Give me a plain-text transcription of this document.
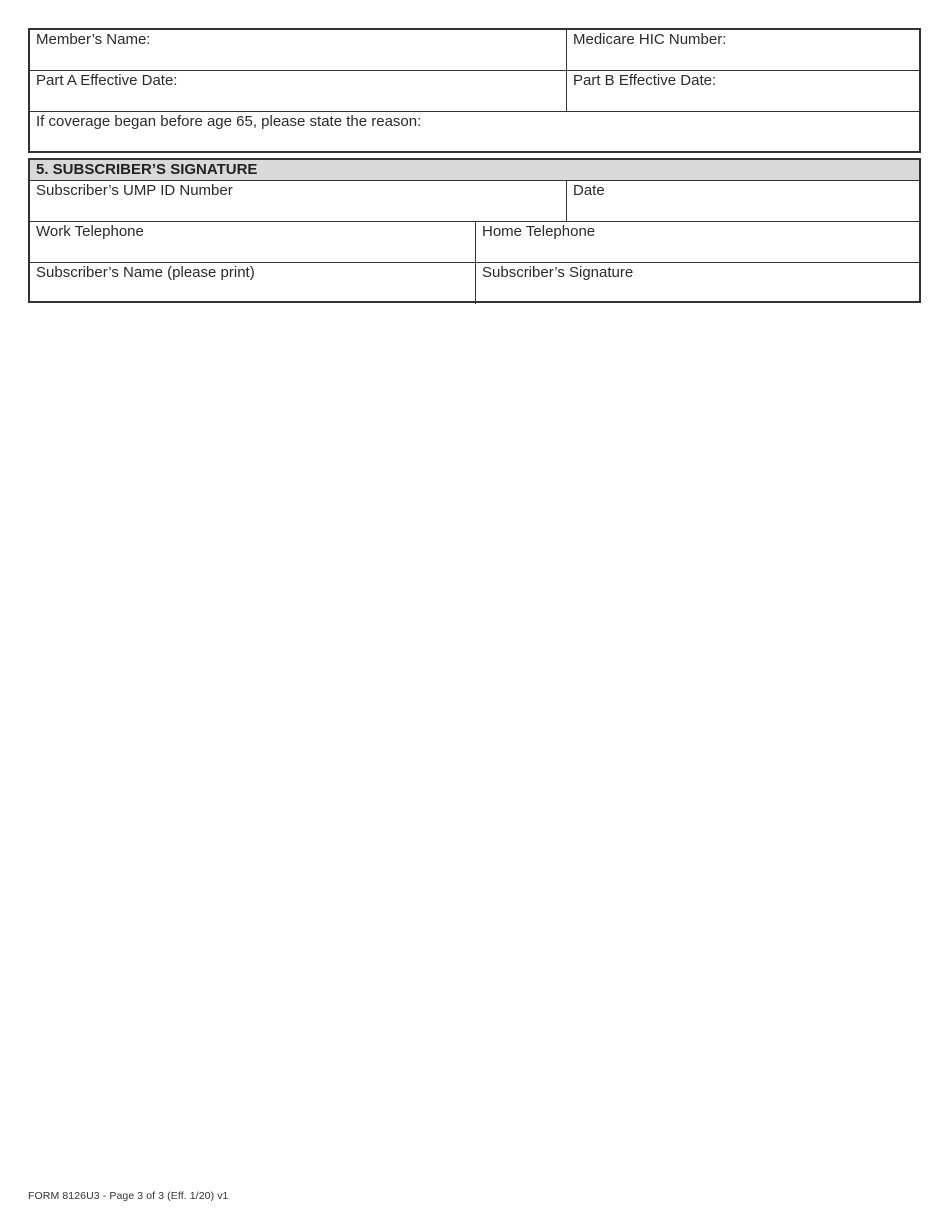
Member’s Name:	Medicare HIC Number:
Part A Effective Date:	Part B Effective Date:
If coverage began before age 65, please state the reason:
5. SUBSCRIBER’S SIGNATURE
Subscriber’s UMP ID Number	Date
Work Telephone	Home Telephone
Subscriber’s Name (please print)	Subscriber’s Signature
FORM 8126U3 - Page 3 of 3 (Eff. 1/20) v1
